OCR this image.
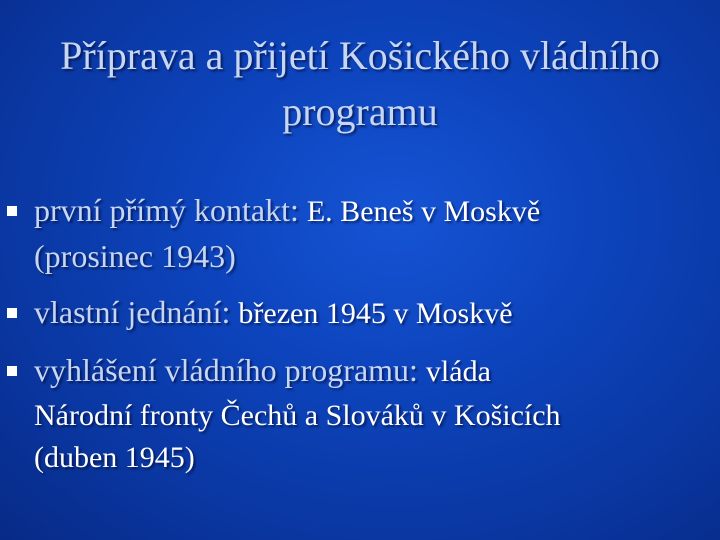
Příprava a přijetí Košického vládního
programu
první přímý kontakt: E. Beneš v Moskvě
(prosinec 1943)
vlastní jednání: březen 1945 v Moskvě
vyhlášení vládního programu: vláda
Národní fronty Čechů a Slováků v Košicích
(duben 1945)
